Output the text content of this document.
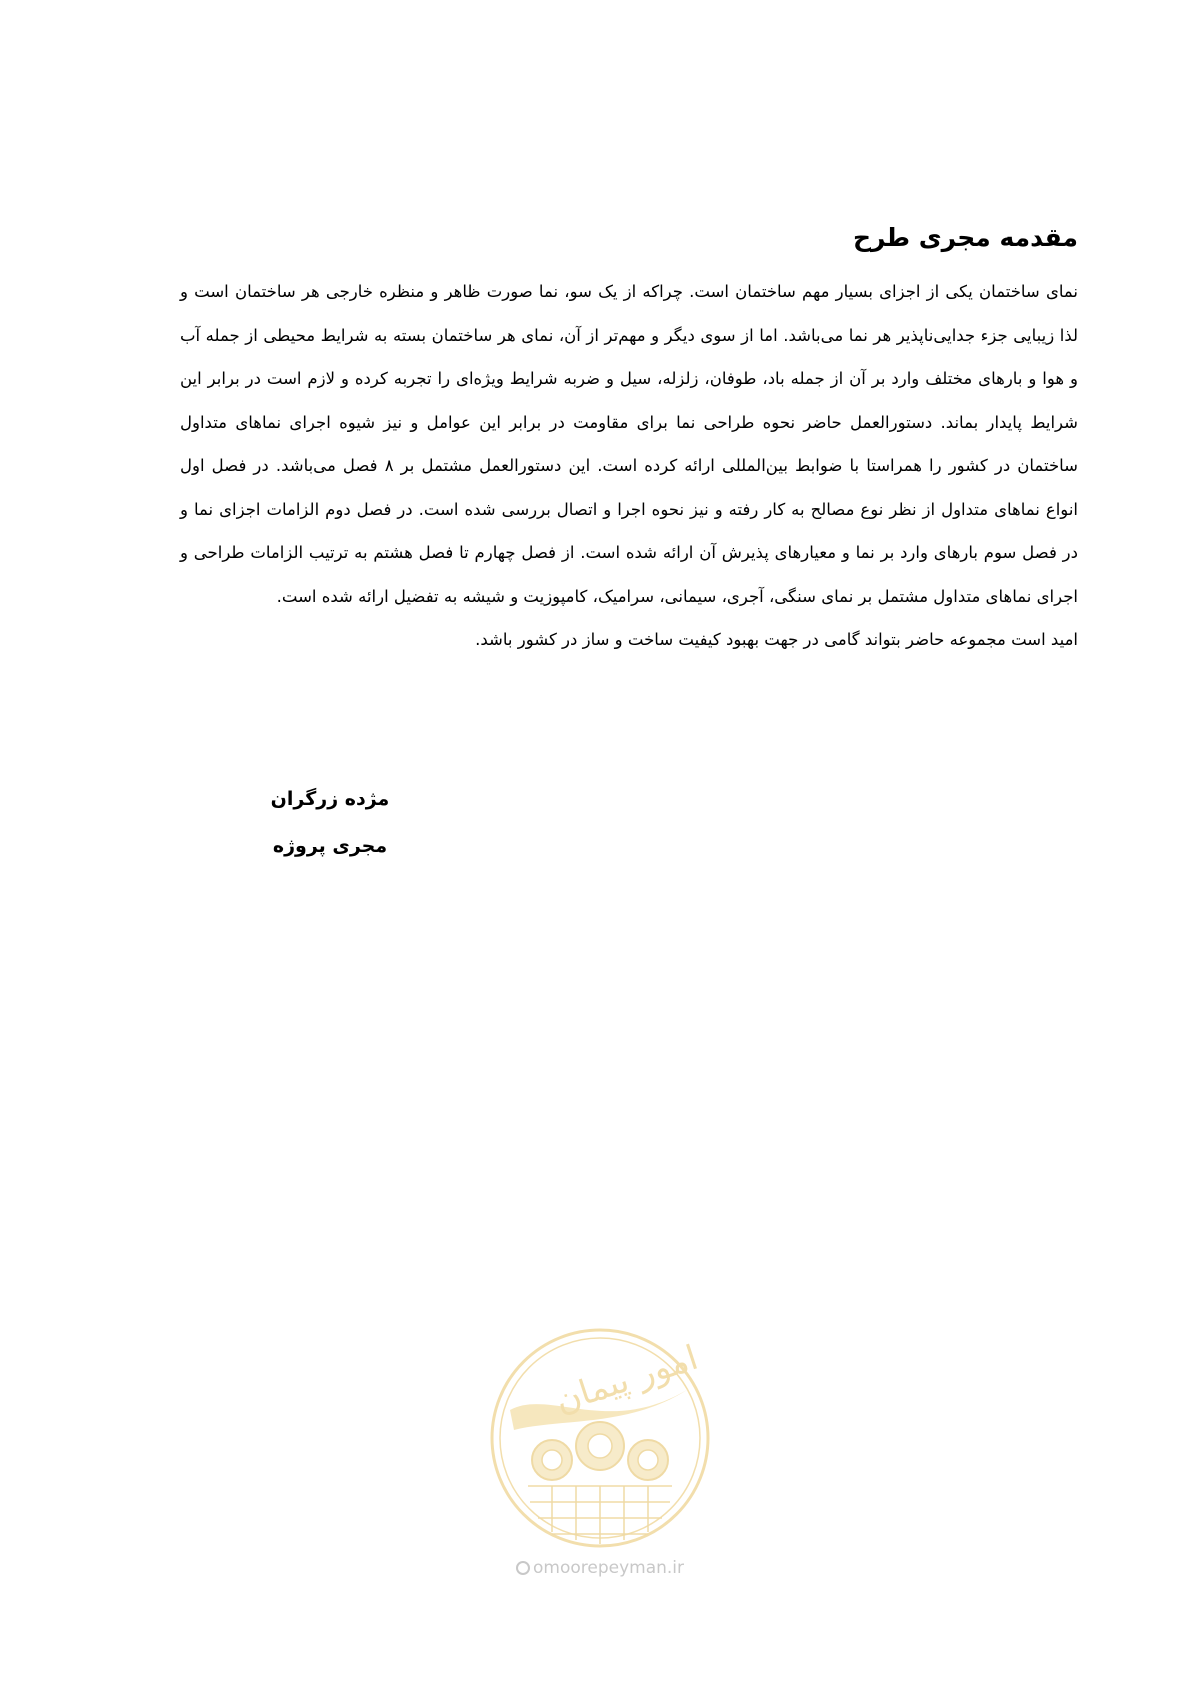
مقدمه مجری طرح

نمای ساختمان یکی از اجزای بسیار مهم ساختمان است. چراکه از یک سو، نما صورت ظاهر و منظره خارجی هر ساختمان است و لذا زیبایی جزء جدایی‌ناپذیر هر نما می‌باشد. اما از سوی دیگر و مهم‌تر از آن، نمای هر ساختمان بسته به شرایط محیطی از جمله آب و هوا و بارهای مختلف وارد بر آن از جمله باد، طوفان، زلزله، سیل و ضربه شرایط ویژه‌ای را تجربه کرده و لازم است در برابر این شرایط پایدار بماند. دستورالعمل حاضر نحوه طراحی نما برای مقاومت در برابر این عوامل و نیز شیوه اجرای نماهای متداول ساختمان در کشور را همراستا با ضوابط بین‌المللی ارائه کرده است. این دستورالعمل مشتمل بر ۸ فصل می‌باشد. در فصل اول انواع نماهای متداول از نظر نوع مصالح به کار رفته و نیز نحوه اجرا و اتصال بررسی شده است. در فصل دوم الزامات اجزای نما و در فصل سوم بارهای وارد بر نما و معیارهای پذیرش آن ارائه شده است. از فصل چهارم تا فصل هشتم به ترتیب الزامات طراحی و اجرای نماهای متداول مشتمل بر نمای سنگی، آجری، سیمانی، سرامیک، کامپوزیت و شیشه به تفضیل ارائه شده است.

امید است مجموعه حاضر بتواند گامی در جهت بهبود کیفیت ساخت و ساز در کشور باشد.

مژده زرگران

مجری پروژه

امور پیمان
omoorepeyman.ir
